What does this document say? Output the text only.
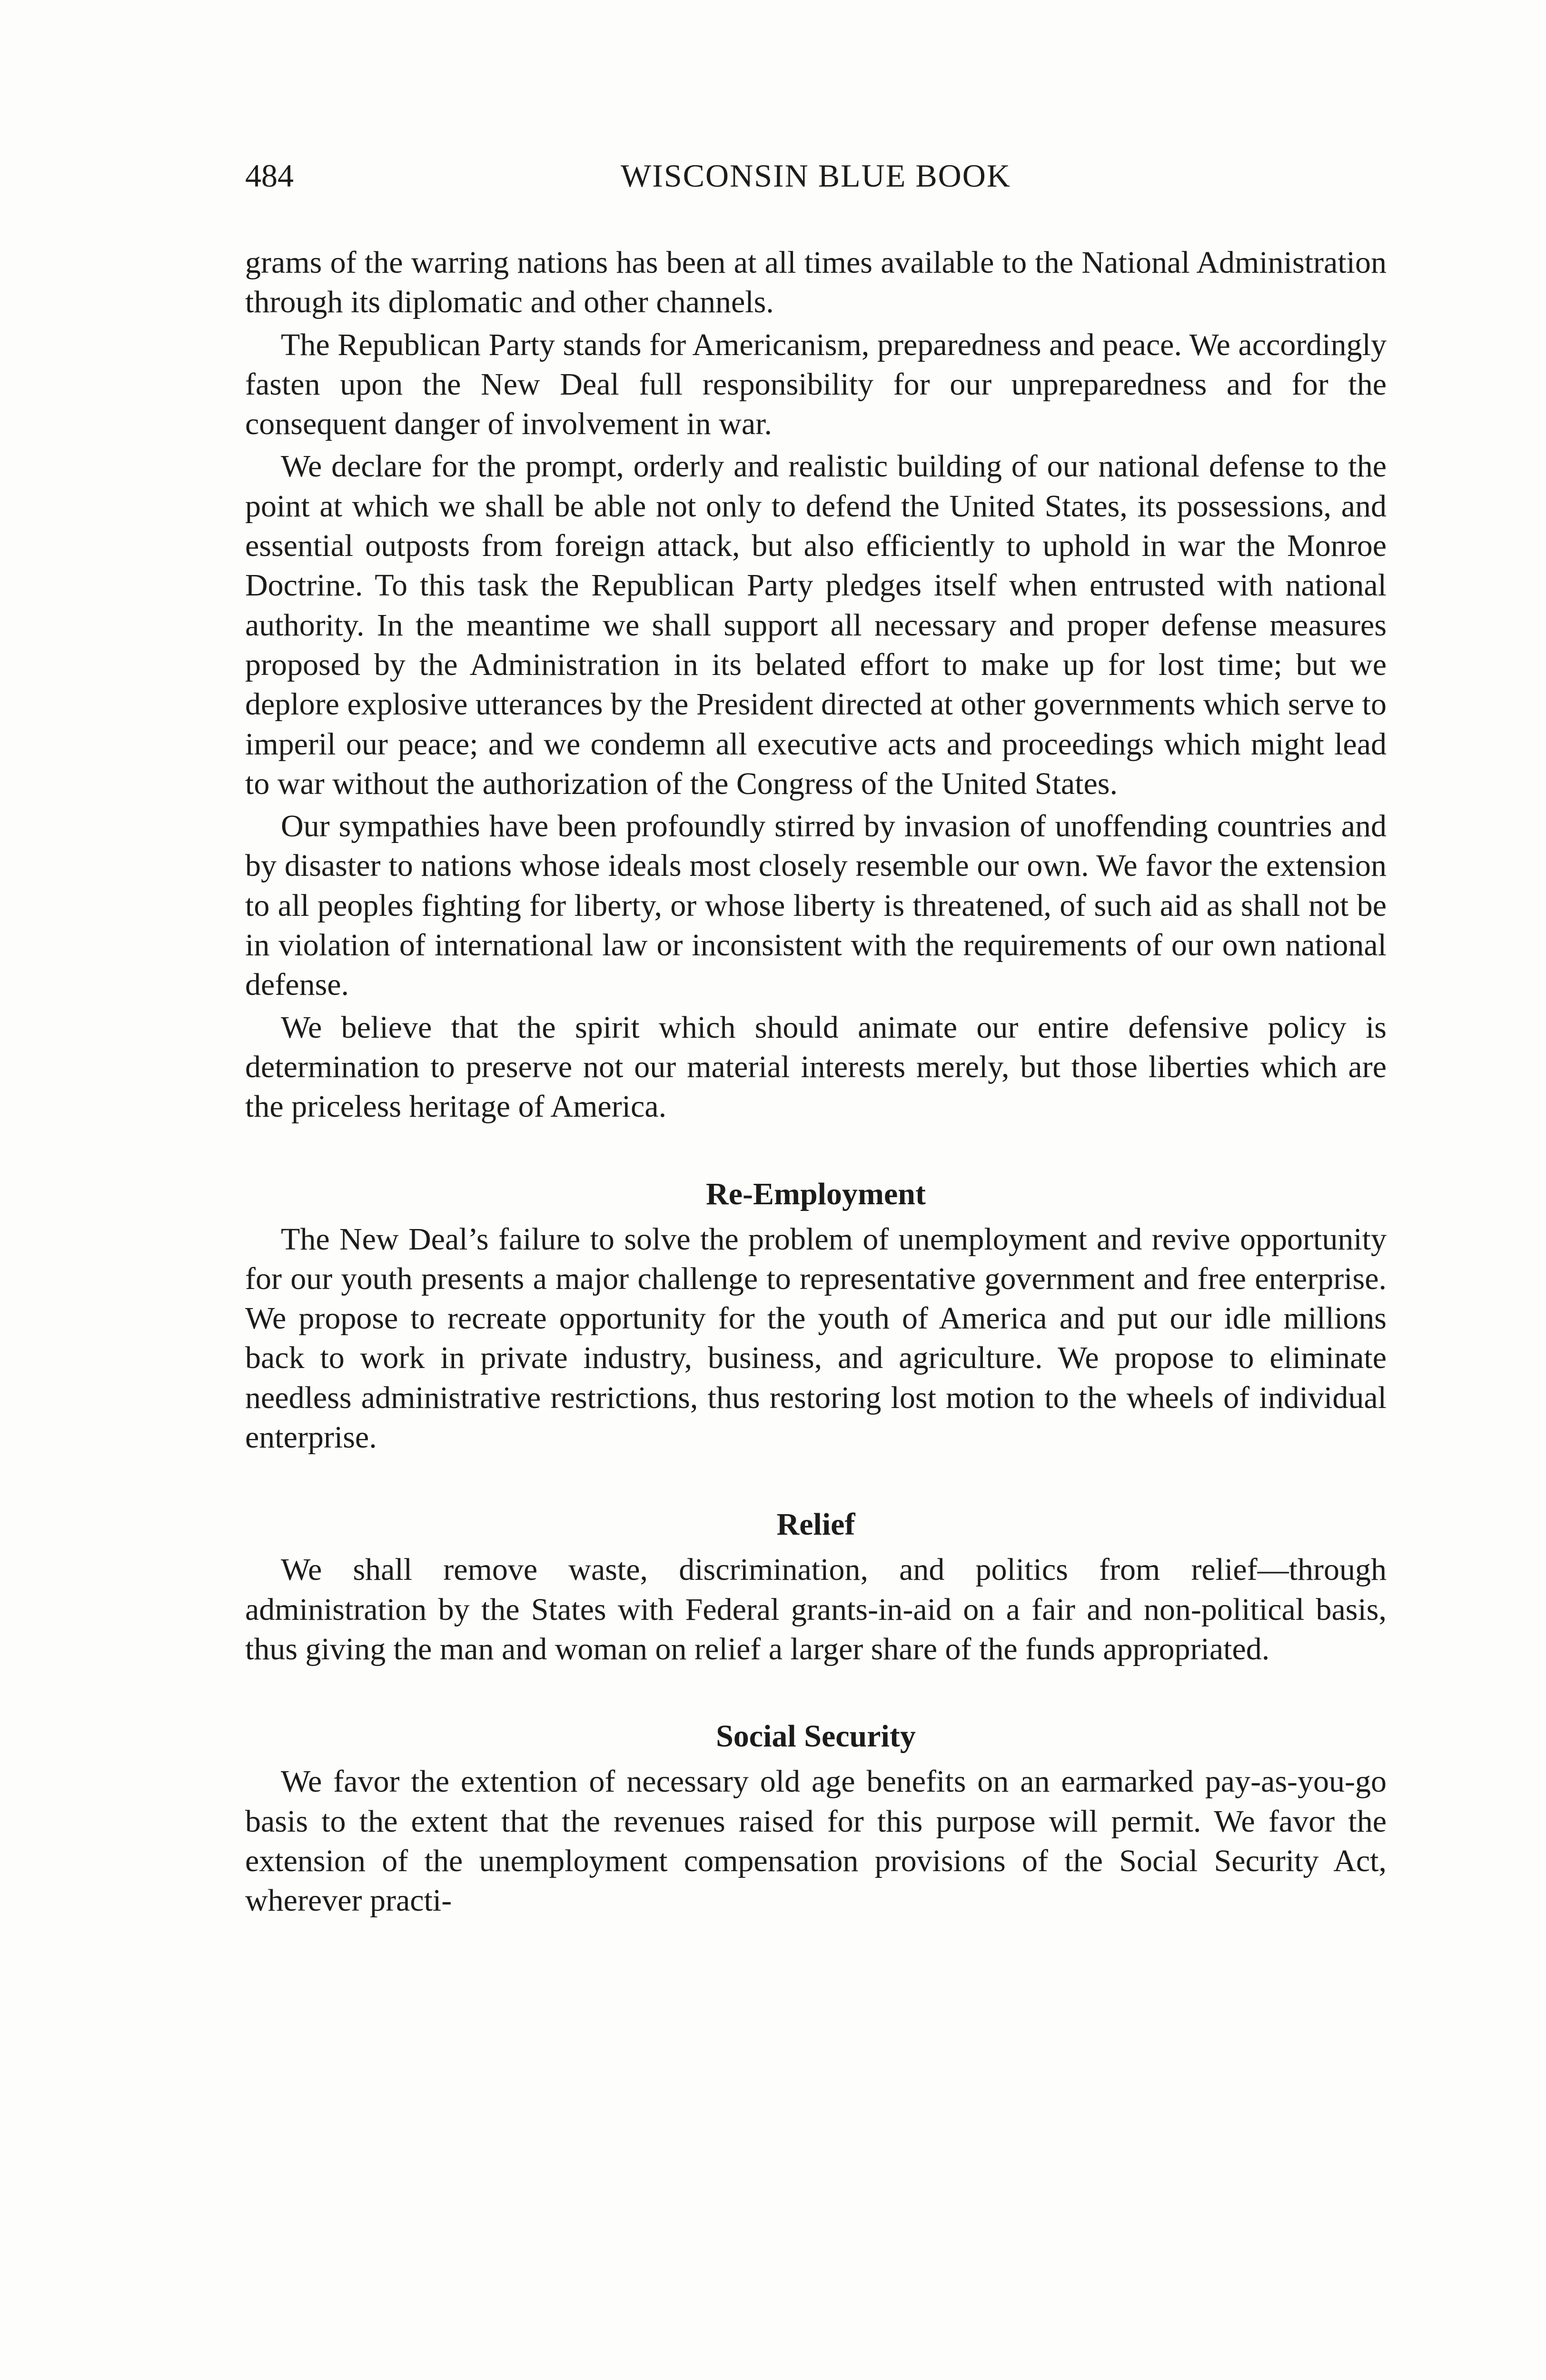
484	WISCONSIN BLUE BOOK

grams of the warring nations has been at all times available to the National Administration through its diplomatic and other channels.

The Republican Party stands for Americanism, preparedness and peace. We accordingly fasten upon the New Deal full responsibility for our unpreparedness and for the consequent danger of involvement in war.

We declare for the prompt, orderly and realistic building of our national defense to the point at which we shall be able not only to defend the United States, its possessions, and essential outposts from foreign attack, but also efficiently to uphold in war the Monroe Doctrine. To this task the Republican Party pledges itself when entrusted with national authority. In the meantime we shall support all necessary and proper defense measures proposed by the Administration in its belated effort to make up for lost time; but we deplore explosive utterances by the President directed at other governments which serve to imperil our peace; and we condemn all executive acts and proceedings which might lead to war without the authorization of the Congress of the United States.

Our sympathies have been profoundly stirred by invasion of unoffending countries and by disaster to nations whose ideals most closely resemble our own. We favor the extension to all peoples fighting for liberty, or whose liberty is threatened, of such aid as shall not be in violation of international law or inconsistent with the requirements of our own national defense.

We believe that the spirit which should animate our entire defensive policy is determination to preserve not our material interests merely, but those liberties which are the priceless heritage of America.

Re-Employment

The New Deal’s failure to solve the problem of unemployment and revive opportunity for our youth presents a major challenge to representative government and free enterprise. We propose to recreate opportunity for the youth of America and put our idle millions back to work in private industry, business, and agriculture. We propose to eliminate needless administrative restrictions, thus restoring lost motion to the wheels of individual enterprise.

Relief

We shall remove waste, discrimination, and politics from relief—through administration by the States with Federal grants-in-aid on a fair and non-political basis, thus giving the man and woman on relief a larger share of the funds appropriated.

Social Security

We favor the extention of necessary old age benefits on an earmarked pay-as-you-go basis to the extent that the revenues raised for this purpose will permit. We favor the extension of the unemployment compensation provisions of the Social Security Act, wherever practi-
